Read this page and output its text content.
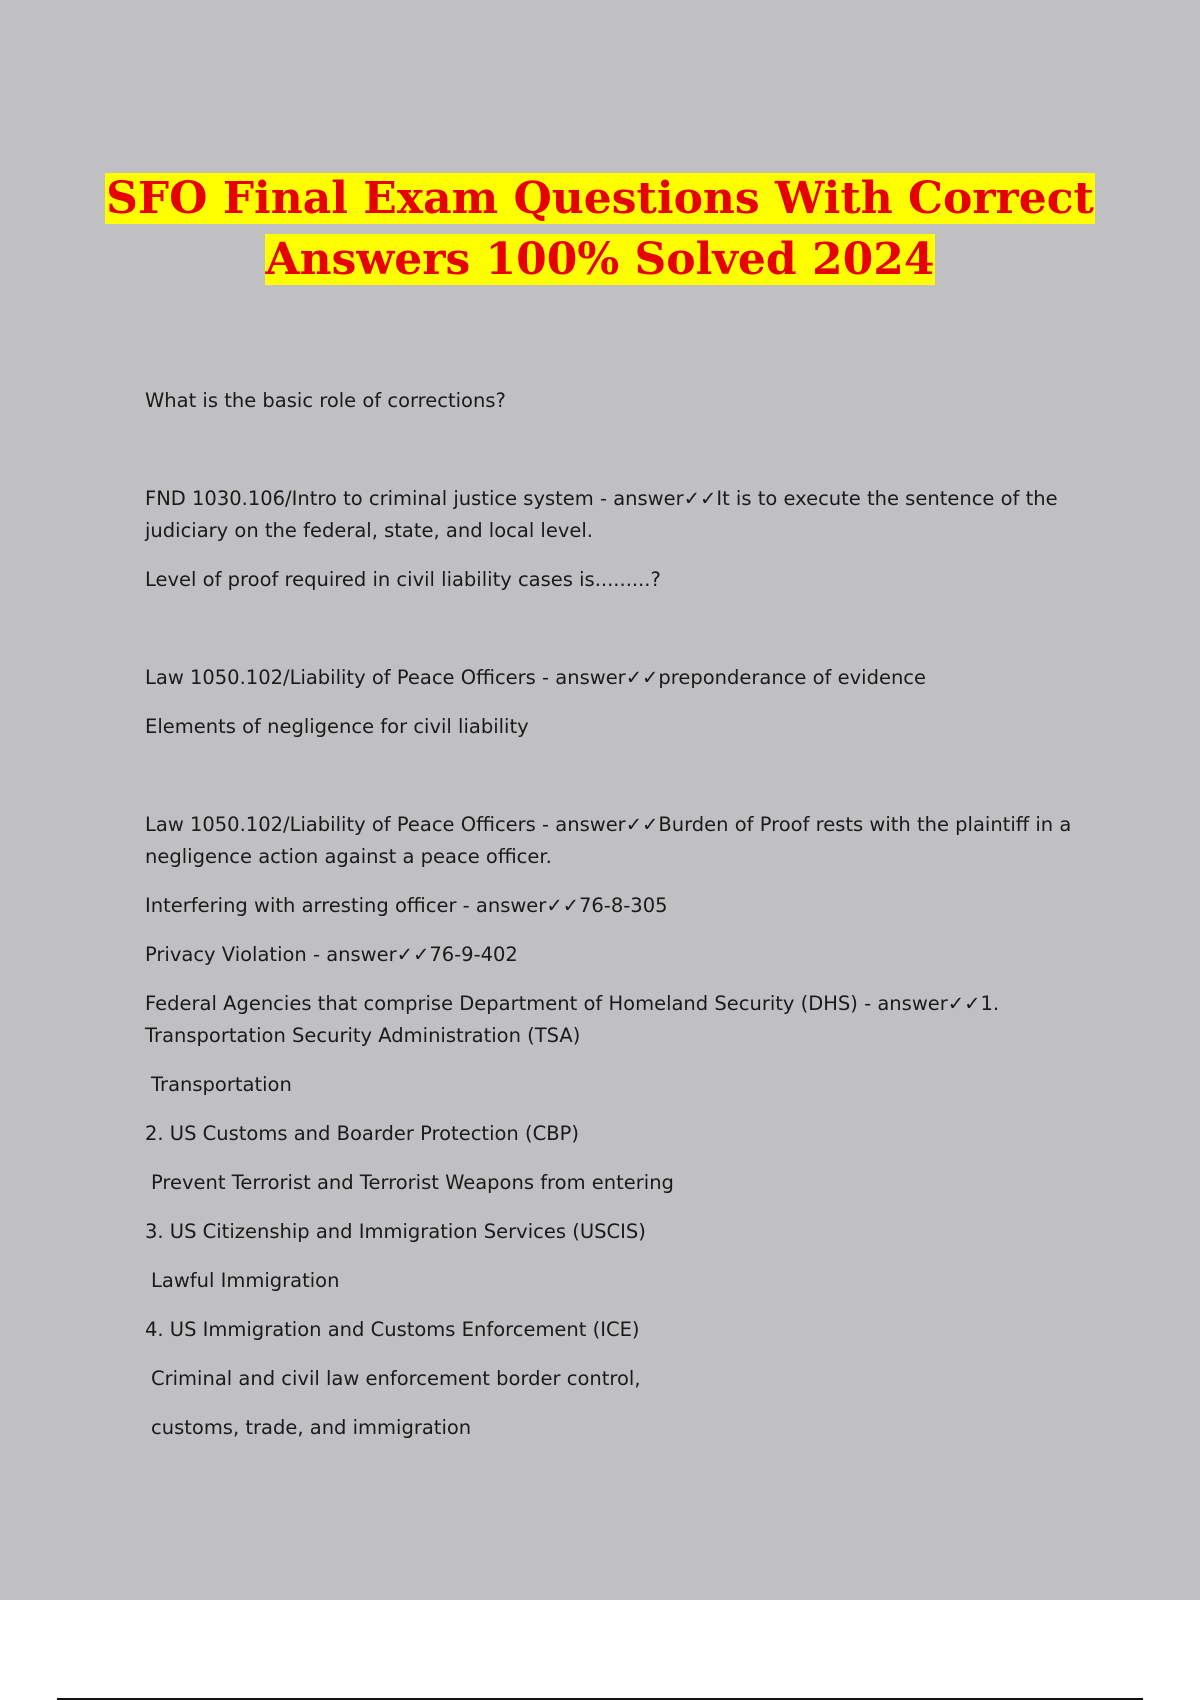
SFO Final Exam Questions With Correct
Answers 100% Solved 2024
What is the basic role of corrections?
FND 1030.106/Intro to criminal justice system - answer✓✓It is to execute the sentence of the judiciary on the federal, state, and local level.
Level of proof required in civil liability cases is.........?
Law 1050.102/Liability of Peace Officers - answer✓✓preponderance of evidence
Elements of negligence for civil liability
Law 1050.102/Liability of Peace Officers - answer✓✓Burden of Proof rests with the plaintiff in a negligence action against a peace officer.
Interfering with arresting officer - answer✓✓76-8-305
Privacy Violation - answer✓✓76-9-402
Federal Agencies that comprise Department of Homeland Security (DHS) - answer✓✓1. Transportation Security Administration (TSA)
Transportation
2. US Customs and Boarder Protection (CBP)
Prevent Terrorist and Terrorist Weapons from entering
3. US Citizenship and Immigration Services (USCIS)
Lawful Immigration
4. US Immigration and Customs Enforcement (ICE)
Criminal and civil law enforcement border control,
customs, trade, and immigration
